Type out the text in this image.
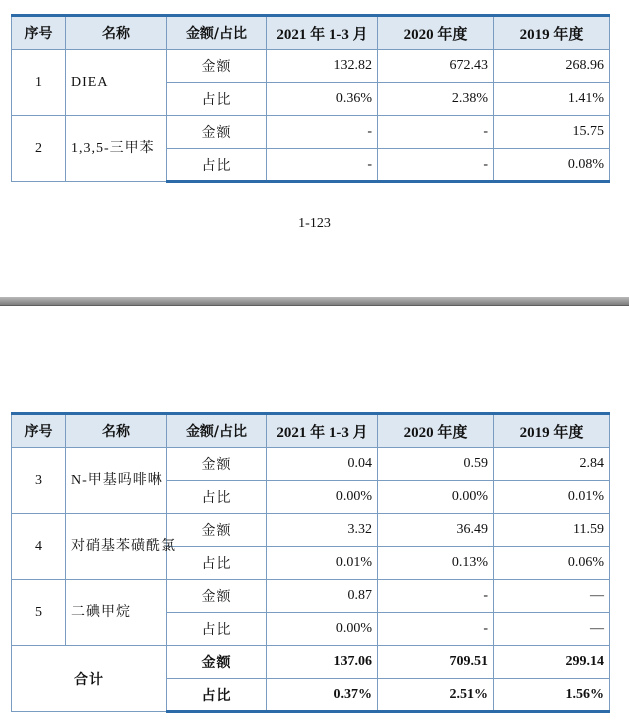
序号	名称	金额/占比	2021 年 1-3 月	2020 年度	2019 年度
1	DIEA	金额	132.82	672.43	268.96
		占比	0.36%	2.38%	1.41%
2	1,3,5-三甲苯	金额	-	-	15.75
		占比	-	-	0.08%
1-123
序号	名称	金额/占比	2021 年 1-3 月	2020 年度	2019 年度
3	N-甲基吗啡啉	金额	0.04	0.59	2.84
		占比	0.00%	0.00%	0.01%
4	对硝基苯磺酰氯	金额	3.32	36.49	11.59
		占比	0.01%	0.13%	0.06%
5	二碘甲烷	金额	0.87	-	—
		占比	0.00%	-	—
合计		金额	137.06	709.51	299.14
		占比	0.37%	2.51%	1.56%
